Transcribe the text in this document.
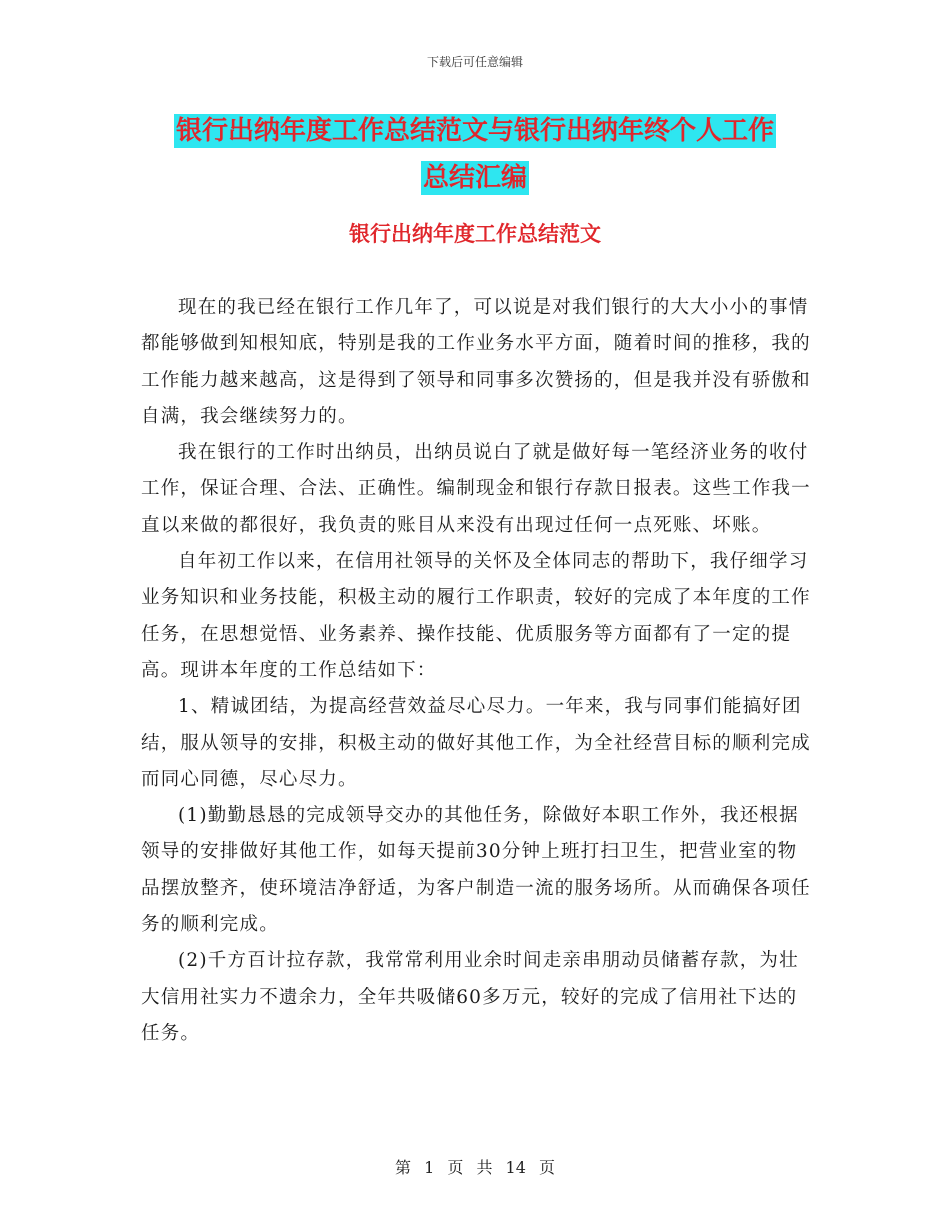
下载后可任意编辑
银行出纳年度工作总结范文与银行出纳年终个人工作
总结汇编
银行出纳年度工作总结范文

现在的我已经在银行工作几年了，可以说是对我们银行的大大小小的事情都能够做到知根知底，特别是我的工作业务水平方面，随着时间的推移，我的工作能力越来越高，这是得到了领导和同事多次赞扬的，但是我并没有骄傲和自满，我会继续努力的。

我在银行的工作时出纳员，出纳员说白了就是做好每一笔经济业务的收付工作，保证合理、合法、正确性。编制现金和银行存款日报表。这些工作我一直以来做的都很好，我负责的账目从来没有出现过任何一点死账、坏账。

自年初工作以来，在信用社领导的关怀及全体同志的帮助下，我仔细学习业务知识和业务技能，积极主动的履行工作职责，较好的完成了本年度的工作任务，在思想觉悟、业务素养、操作技能、优质服务等方面都有了一定的提高。现讲本年度的工作总结如下：

1、精诚团结，为提高经营效益尽心尽力。一年来，我与同事们能搞好团结，服从领导的安排，积极主动的做好其他工作，为全社经营目标的顺利完成而同心同德，尽心尽力。

(1)勤勤恳恳的完成领导交办的其他任务，除做好本职工作外，我还根据领导的安排做好其他工作，如每天提前30分钟上班打扫卫生，把营业室的物品摆放整齐，使环境洁净舒适，为客户制造一流的服务场所。从而确保各项任务的顺利完成。

(2)千方百计拉存款，我常常利用业余时间走亲串朋动员储蓄存款，为壮大信用社实力不遗余力，全年共吸储60多万元，较好的完成了信用社下达的任务。

第 1 页 共 14 页
